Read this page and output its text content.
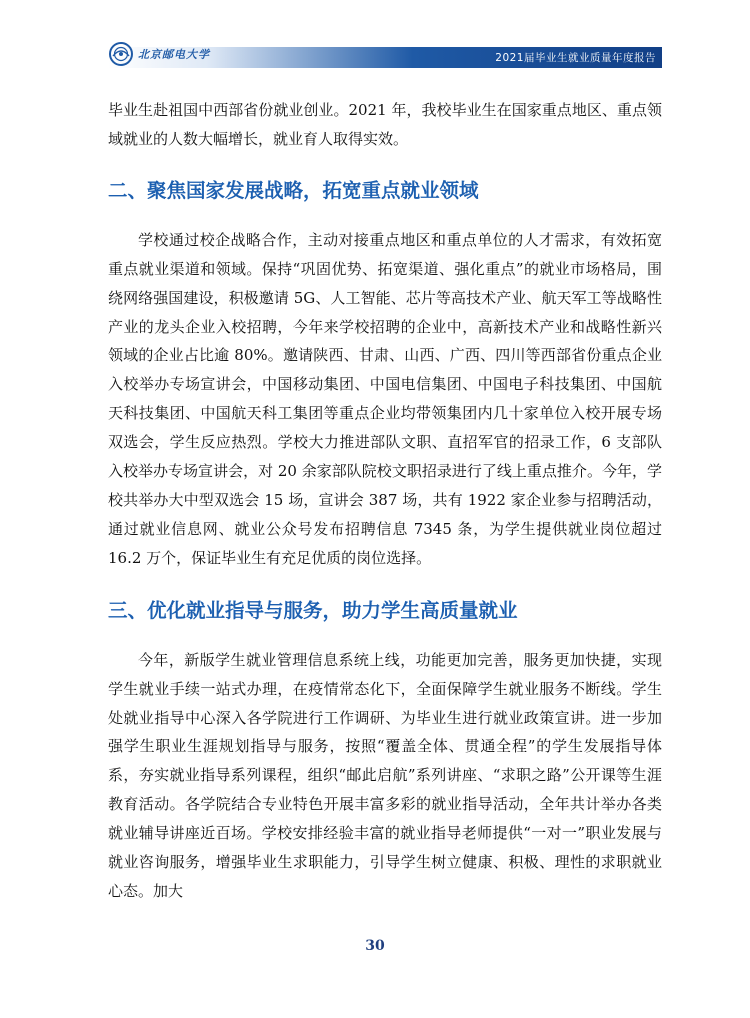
北京邮电大学	2021届毕业生就业质量年度报告

毕业生赴祖国中西部省份就业创业。2021 年，我校毕业生在国家重点地区、重点领域就业的人数大幅增长，就业育人取得实效。

二、聚焦国家发展战略，拓宽重点就业领域

学校通过校企战略合作，主动对接重点地区和重点单位的人才需求，有效拓宽重点就业渠道和领域。保持“巩固优势、拓宽渠道、强化重点”的就业市场格局，围绕网络强国建设，积极邀请 5G、人工智能、芯片等高技术产业、航天军工等战略性产业的龙头企业入校招聘，今年来学校招聘的企业中，高新技术产业和战略性新兴领域的企业占比逾 80%。邀请陕西、甘肃、山西、广西、四川等西部省份重点企业入校举办专场宣讲会，中国移动集团、中国电信集团、中国电子科技集团、中国航天科技集团、中国航天科工集团等重点企业均带领集团内几十家单位入校开展专场双选会，学生反应热烈。学校大力推进部队文职、直招军官的招录工作，6 支部队入校举办专场宣讲会，对 20 余家部队院校文职招录进行了线上重点推介。今年，学校共举办大中型双选会 15 场，宣讲会 387 场，共有 1922 家企业参与招聘活动，通过就业信息网、就业公众号发布招聘信息 7345 条，为学生提供就业岗位超过 16.2 万个，保证毕业生有充足优质的岗位选择。

三、优化就业指导与服务，助力学生高质量就业

今年，新版学生就业管理信息系统上线，功能更加完善，服务更加快捷，实现学生就业手续一站式办理，在疫情常态化下，全面保障学生就业服务不断线。学生处就业指导中心深入各学院进行工作调研、为毕业生进行就业政策宣讲。进一步加强学生职业生涯规划指导与服务，按照“覆盖全体、贯通全程”的学生发展指导体系，夯实就业指导系列课程，组织“邮此启航”系列讲座、“求职之路”公开课等生涯教育活动。各学院结合专业特色开展丰富多彩的就业指导活动，全年共计举办各类就业辅导讲座近百场。学校安排经验丰富的就业指导老师提供“一对一”职业发展与就业咨询服务，增强毕业生求职能力，引导学生树立健康、积极、理性的求职就业心态。加大

30
